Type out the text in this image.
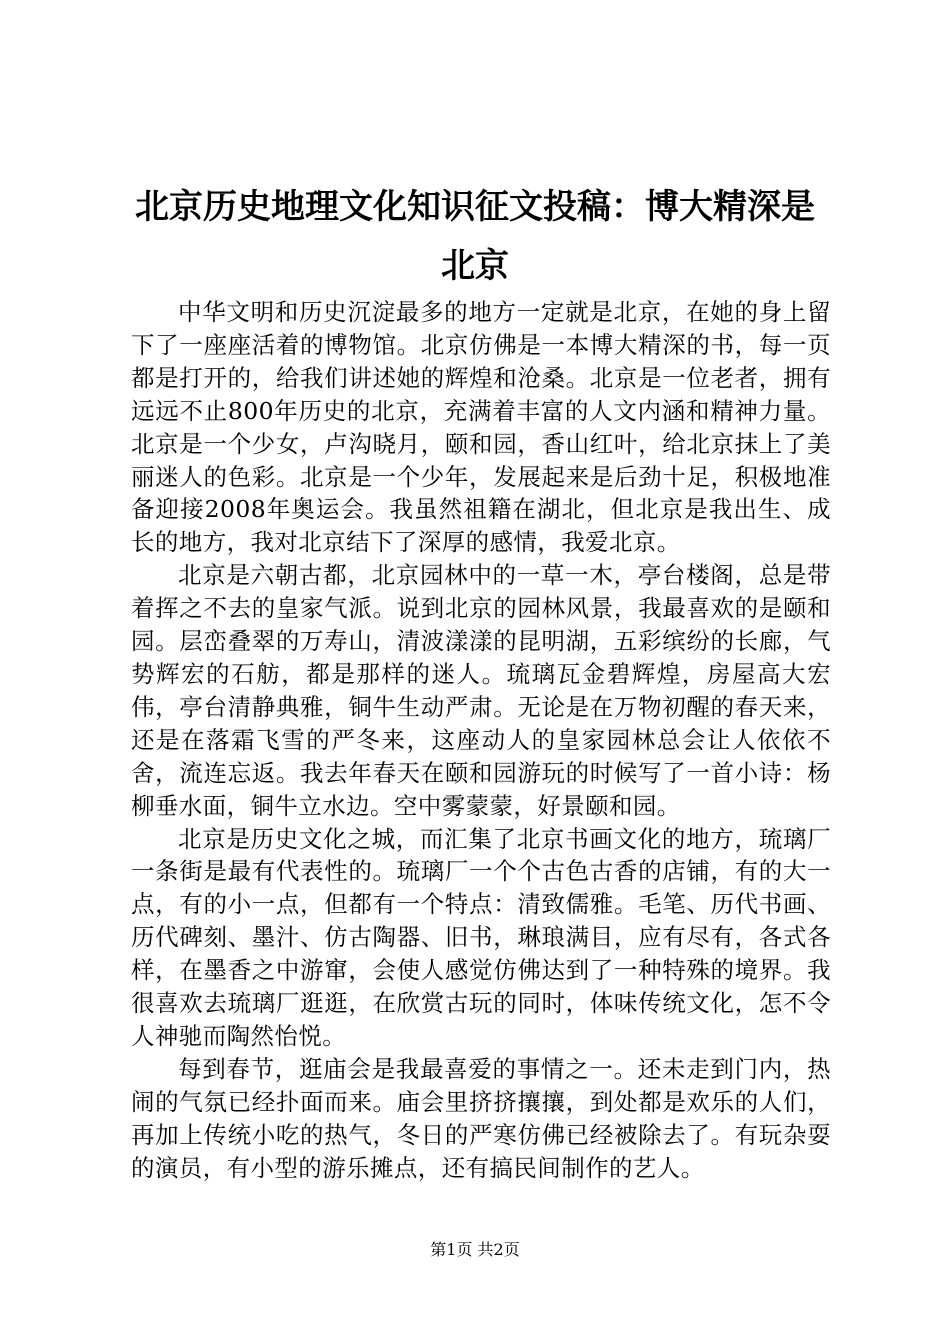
北京历史地理文化知识征文投稿：博大精深是北京

中华文明和历史沉淀最多的地方一定就是北京，在她的身上留下了一座座活着的博物馆。北京仿佛是一本博大精深的书，每一页都是打开的，给我们讲述她的辉煌和沧桑。北京是一位老者，拥有远远不止800年历史的北京，充满着丰富的人文内涵和精神力量。北京是一个少女，卢沟晓月，颐和园，香山红叶，给北京抹上了美丽迷人的色彩。北京是一个少年，发展起来是后劲十足，积极地准备迎接2008年奥运会。我虽然祖籍在湖北，但北京是我出生、成长的地方，我对北京结下了深厚的感情，我爱北京。

北京是六朝古都，北京园林中的一草一木，亭台楼阁，总是带着挥之不去的皇家气派。说到北京的园林风景，我最喜欢的是颐和园。层峦叠翠的万寿山，清波漾漾的昆明湖，五彩缤纷的长廊，气势辉宏的石舫，都是那样的迷人。琉璃瓦金碧辉煌，房屋高大宏伟，亭台清静典雅，铜牛生动严肃。无论是在万物初醒的春天来，还是在落霜飞雪的严冬来，这座动人的皇家园林总会让人依依不舍，流连忘返。我去年春天在颐和园游玩的时候写了一首小诗：杨柳垂水面，铜牛立水边。空中雾蒙蒙，好景颐和园。

北京是历史文化之城，而汇集了北京书画文化的地方，琉璃厂一条街是最有代表性的。琉璃厂一个个古色古香的店铺，有的大一点，有的小一点，但都有一个特点：清致儒雅。毛笔、历代书画、历代碑刻、墨汁、仿古陶器、旧书，琳琅满目，应有尽有，各式各样，在墨香之中游窜，会使人感觉仿佛达到了一种特殊的境界。我很喜欢去琉璃厂逛逛，在欣赏古玩的同时，体味传统文化，怎不令人神驰而陶然怡悦。

每到春节，逛庙会是我最喜爱的事情之一。还未走到门内，热闹的气氛已经扑面而来。庙会里挤挤攘攘，到处都是欢乐的人们，再加上传统小吃的热气，冬日的严寒仿佛已经被除去了。有玩杂耍的演员，有小型的游乐摊点，还有搞民间制作的艺人。

第1页 共2页
